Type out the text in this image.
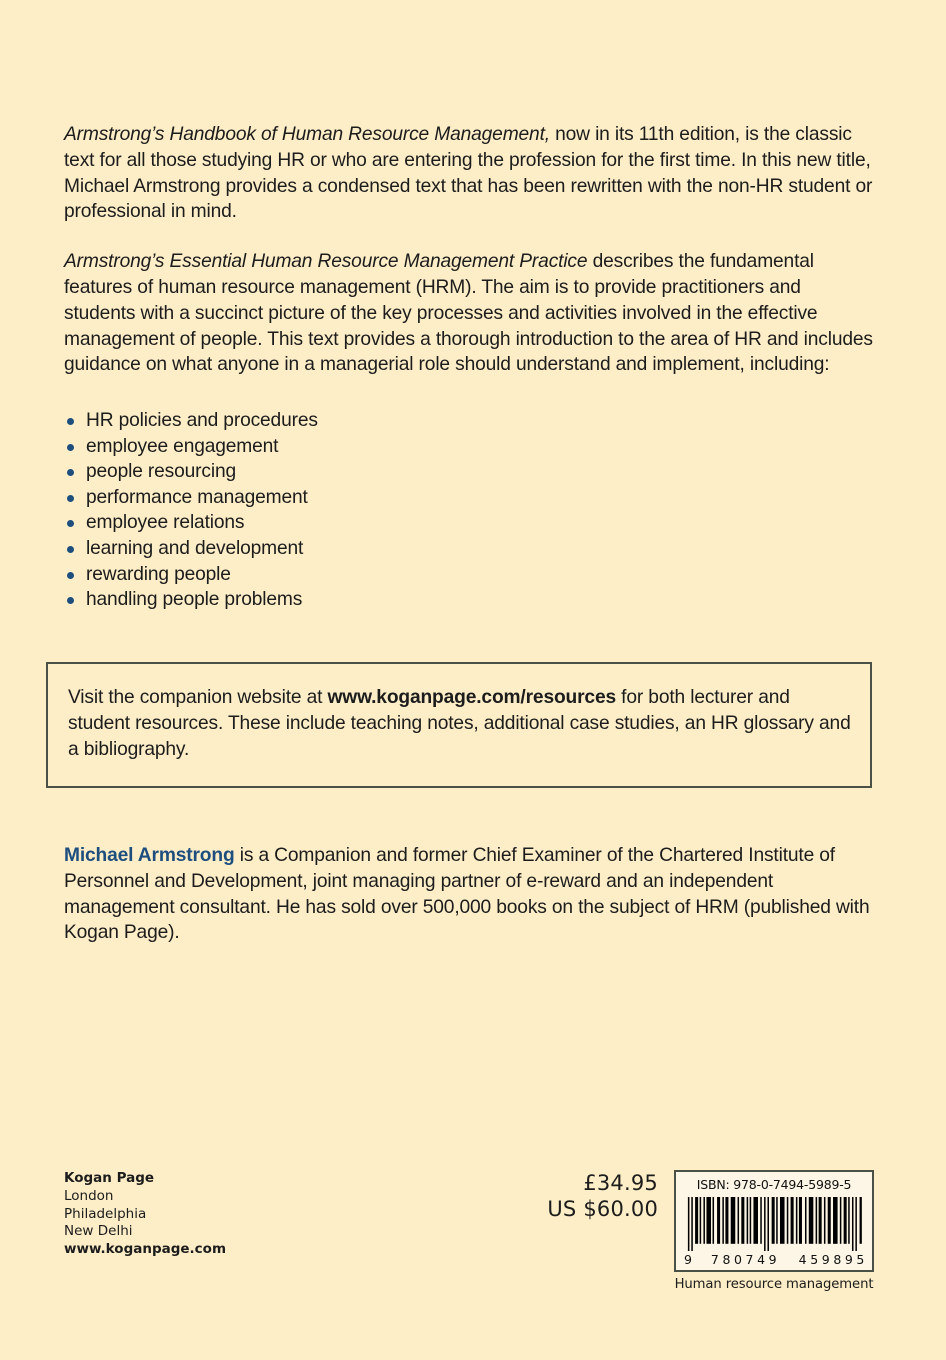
Armstrong’s Handbook of Human Resource Management, now in its 11th edition, is the classic text for all those studying HR or who are entering the profession for the first time. In this new title, Michael Armstrong provides a condensed text that has been rewritten with the non-HR student or professional in mind.

Armstrong’s Essential Human Resource Management Practice describes the fundamental features of human resource management (HRM). The aim is to provide practitioners and students with a succinct picture of the key processes and activities involved in the effective management of people. This text provides a thorough introduction to the area of HR and includes guidance on what anyone in a managerial role should understand and implement, including:

HR policies and procedures
employee engagement
people resourcing
performance management
employee relations
learning and development
rewarding people
handling people problems
Visit the companion website at www.koganpage.com/resources for both lecturer and student resources. These include teaching notes, additional case studies, an HR glossary and a bibliography.
Michael Armstrong is a Companion and former Chief Examiner of the Chartered Institute of Personnel and Development, joint managing partner of e-reward and an independent management consultant. He has sold over 500,000 books on the subject of HRM (published with Kogan Page).
Kogan Page
London
Philadelphia
New Delhi
www.koganpage.com
£34.95
US $60.00
ISBN: 978-0-7494-5989-5
9 780749 459895
Human resource management
